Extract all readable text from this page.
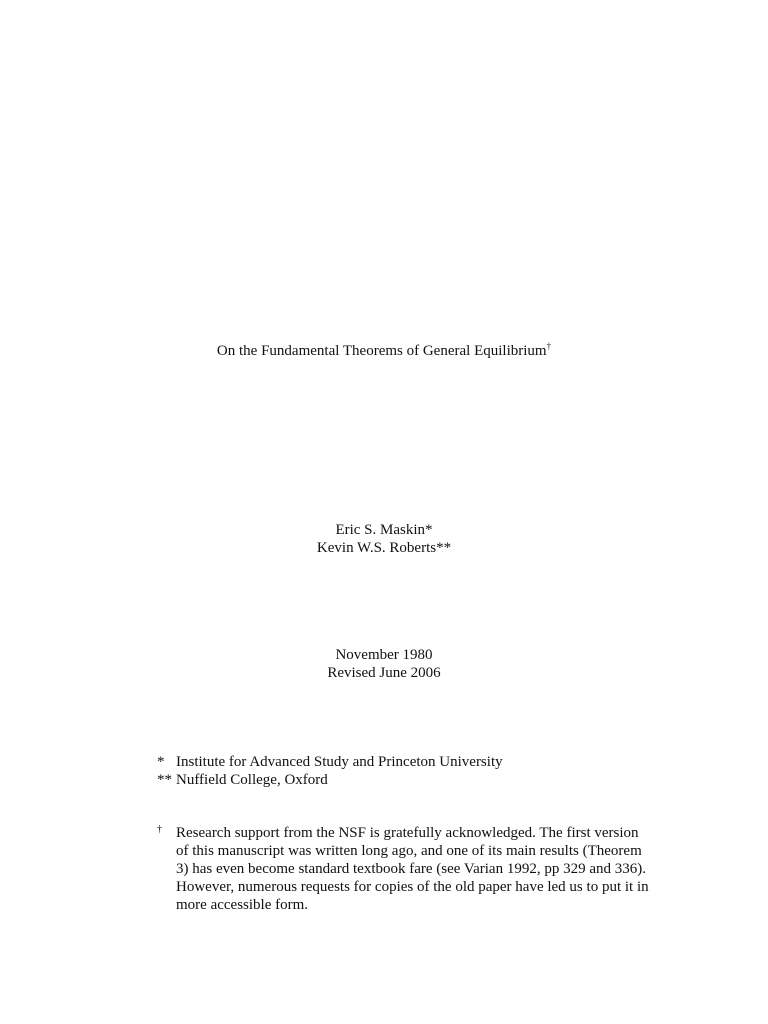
On the Fundamental Theorems of General Equilibrium†
Eric S. Maskin*
Kevin W.S. Roberts**
November 1980
Revised June 2006
* Institute for Advanced Study and Princeton University
** Nuffield College, Oxford
† Research support from the NSF is gratefully acknowledged. The first version
of this manuscript was written long ago, and one of its main results (Theorem
3) has even become standard textbook fare (see Varian 1992, pp 329 and 336).
However, numerous requests for copies of the old paper have led us to put it in
more accessible form.
